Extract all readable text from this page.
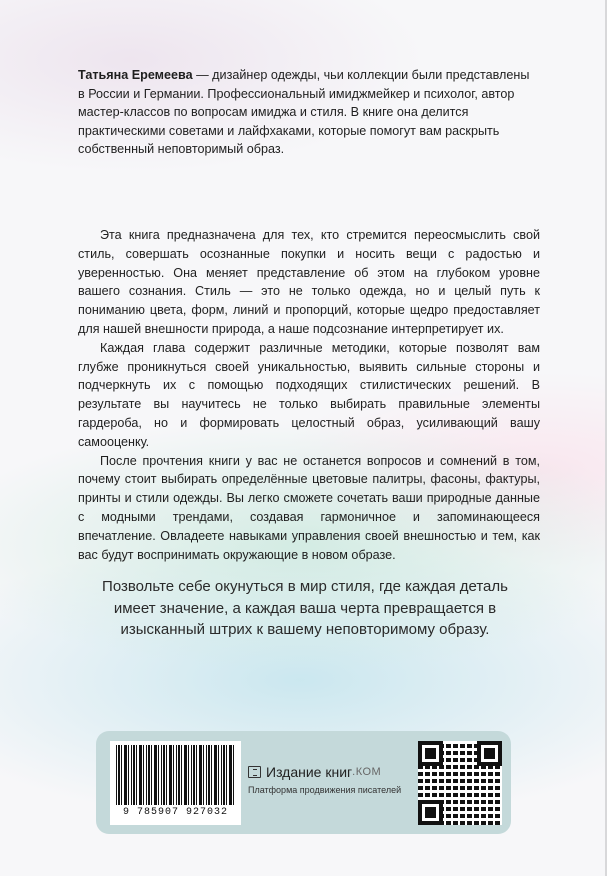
Татьяна Еремеева — дизайнер одежды, чьи коллекции были представлены в России и Германии. Профессиональный имиджмейкер и психолог, автор мастер-классов по вопросам имиджа и стиля. В книге она делится практическими советами и лайфхаками, которые помогут вам раскрыть собственный неповторимый образ.

Эта книга предназначена для тех, кто стремится переосмыслить свой стиль, совершать осознанные покупки и носить вещи с радостью и уверенностью. Она меняет представление об этом на глубоком уровне вашего сознания. Стиль — это не только одежда, но и целый путь к пониманию цвета, форм, линий и пропорций, которые щедро предоставляет для нашей внешности природа, а наше подсознание интерпретирует их.

Каждая глава содержит различные методики, которые позволят вам глубже проникнуться своей уникальностью, выявить сильные стороны и подчеркнуть их с помощью подходящих стилистических решений. В результате вы научитесь не только выбирать правильные элементы гардероба, но и формировать целостный образ, усиливающий вашу самооценку.

После прочтения книги у вас не останется вопросов и сомнений в том, почему стоит выбирать определённые цветовые палитры, фасоны, фактуры, принты и стили одежды. Вы легко сможете сочетать ваши природные данные с модными трендами, создавая гармоничное и запоминающееся впечатление. Овладеете навыками управления своей внешностью и тем, как вас будут воспринимать окружающие в новом образе.

Позвольте себе окунуться в мир стиля, где каждая деталь имеет значение, а каждая ваша черта превращается в изысканный штрих к вашему неповторимому образу.
9 785907 927032
Издание книг .КОМ
Платформа продвижения писателей
